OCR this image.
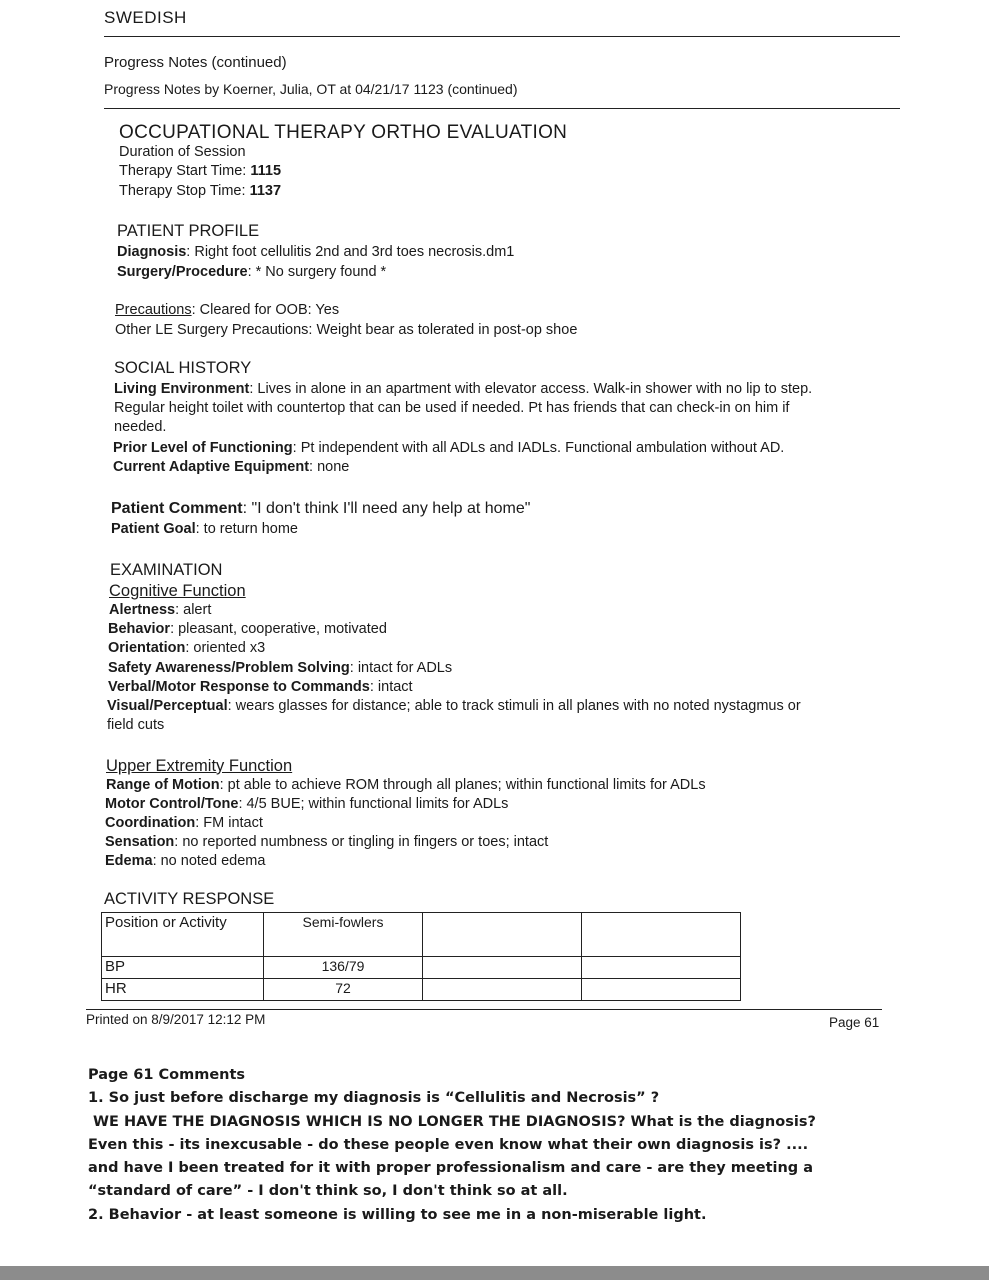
SWEDISH
Progress Notes (continued)
Progress Notes by Koerner, Julia, OT at 04/21/17 1123 (continued)
OCCUPATIONAL THERAPY ORTHO EVALUATION
Duration of Session
Therapy Start Time: 1115
Therapy Stop Time: 1137
PATIENT PROFILE
Diagnosis: Right foot cellulitis 2nd and 3rd toes necrosis.dm1
Surgery/Procedure: * No surgery found *
Precautions: Cleared for OOB: Yes
Other LE Surgery Precautions: Weight bear as tolerated in post-op shoe
SOCIAL HISTORY
Living Environment: Lives in alone in an apartment with elevator access. Walk-in shower with no lip to step.
Regular height toilet with countertop that can be used if needed. Pt has friends that can check-in on him if
needed.
Prior Level of Functioning: Pt independent with all ADLs and IADLs. Functional ambulation without AD.
Current Adaptive Equipment: none
Patient Comment: "I don't think I'll need any help at home"
Patient Goal: to return home
EXAMINATION
Cognitive Function
Alertness: alert
Behavior: pleasant, cooperative, motivated
Orientation: oriented x3
Safety Awareness/Problem Solving: intact for ADLs
Verbal/Motor Response to Commands: intact
Visual/Perceptual: wears glasses for distance; able to track stimuli in all planes with no noted nystagmus or
field cuts
Upper Extremity Function
Range of Motion: pt able to achieve ROM through all planes; within functional limits for ADLs
Motor Control/Tone: 4/5 BUE; within functional limits for ADLs
Coordination: FM intact
Sensation: no reported numbness or tingling in fingers or toes; intact
Edema: no noted edema
ACTIVITY RESPONSE
Position or Activity	Semi-fowlers		
BP	136/79		
HR	72		
Printed on 8/9/2017 12:12 PM	Page 61
Page 61 Comments
1. So just before discharge my diagnosis is “Cellulitis and Necrosis” ?
WE HAVE THE DIAGNOSIS WHICH IS NO LONGER THE DIAGNOSIS? What is the diagnosis?
Even this - its inexcusable - do these people even know what their own diagnosis is? ....
and have I been treated for it with proper professionalism and care - are they meeting a
“standard of care” - I don't think so, I don't think so at all.
2. Behavior - at least someone is willing to see me in a non-miserable light.
